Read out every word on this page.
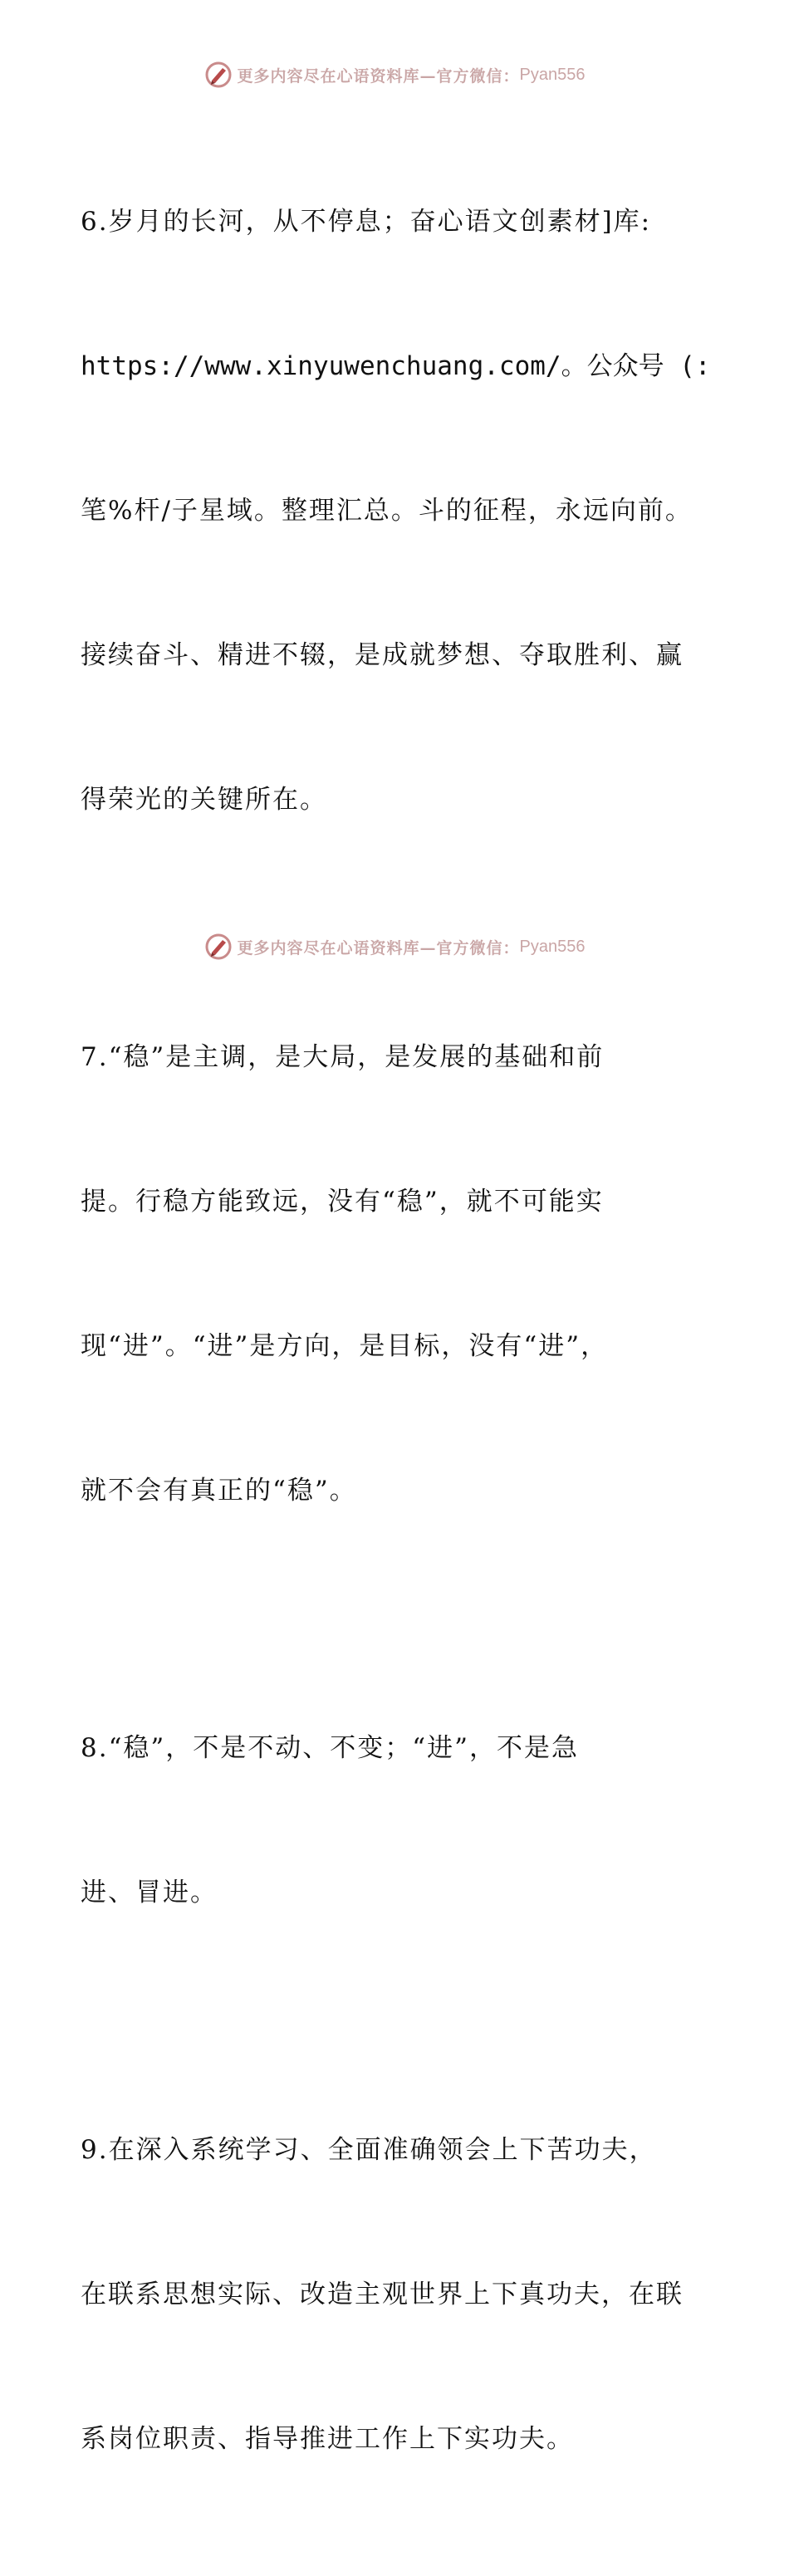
更多内容尽在心语资料库—官方微信： Pyan556

6.岁月的长河，从不停息；奋心语文创素材]库:

https://www.xinyuwenchuang.com/。公众号 (:

笔%杆/子星域。整理汇总。斗的征程，永远向前。

接续奋斗、精进不辍，是成就梦想、夺取胜利、赢

得荣光的关键所在。

7.“稳”是主调，是大局，是发展的基础和前

提。行稳方能致远，没有“稳”，就不可能实

现“进”。“进”是方向，是目标，没有“进”，

就不会有真正的“稳”。

8.“稳”，不是不动、不变；“进”，不是急

进、冒进。

9.在深入系统学习、全面准确领会上下苦功夫，

在联系思想实际、改造主观世界上下真功夫，在联

系岗位职责、指导推进工作上下实功夫。

更多内容尽在心语资料库—官方微信： Pyan556
